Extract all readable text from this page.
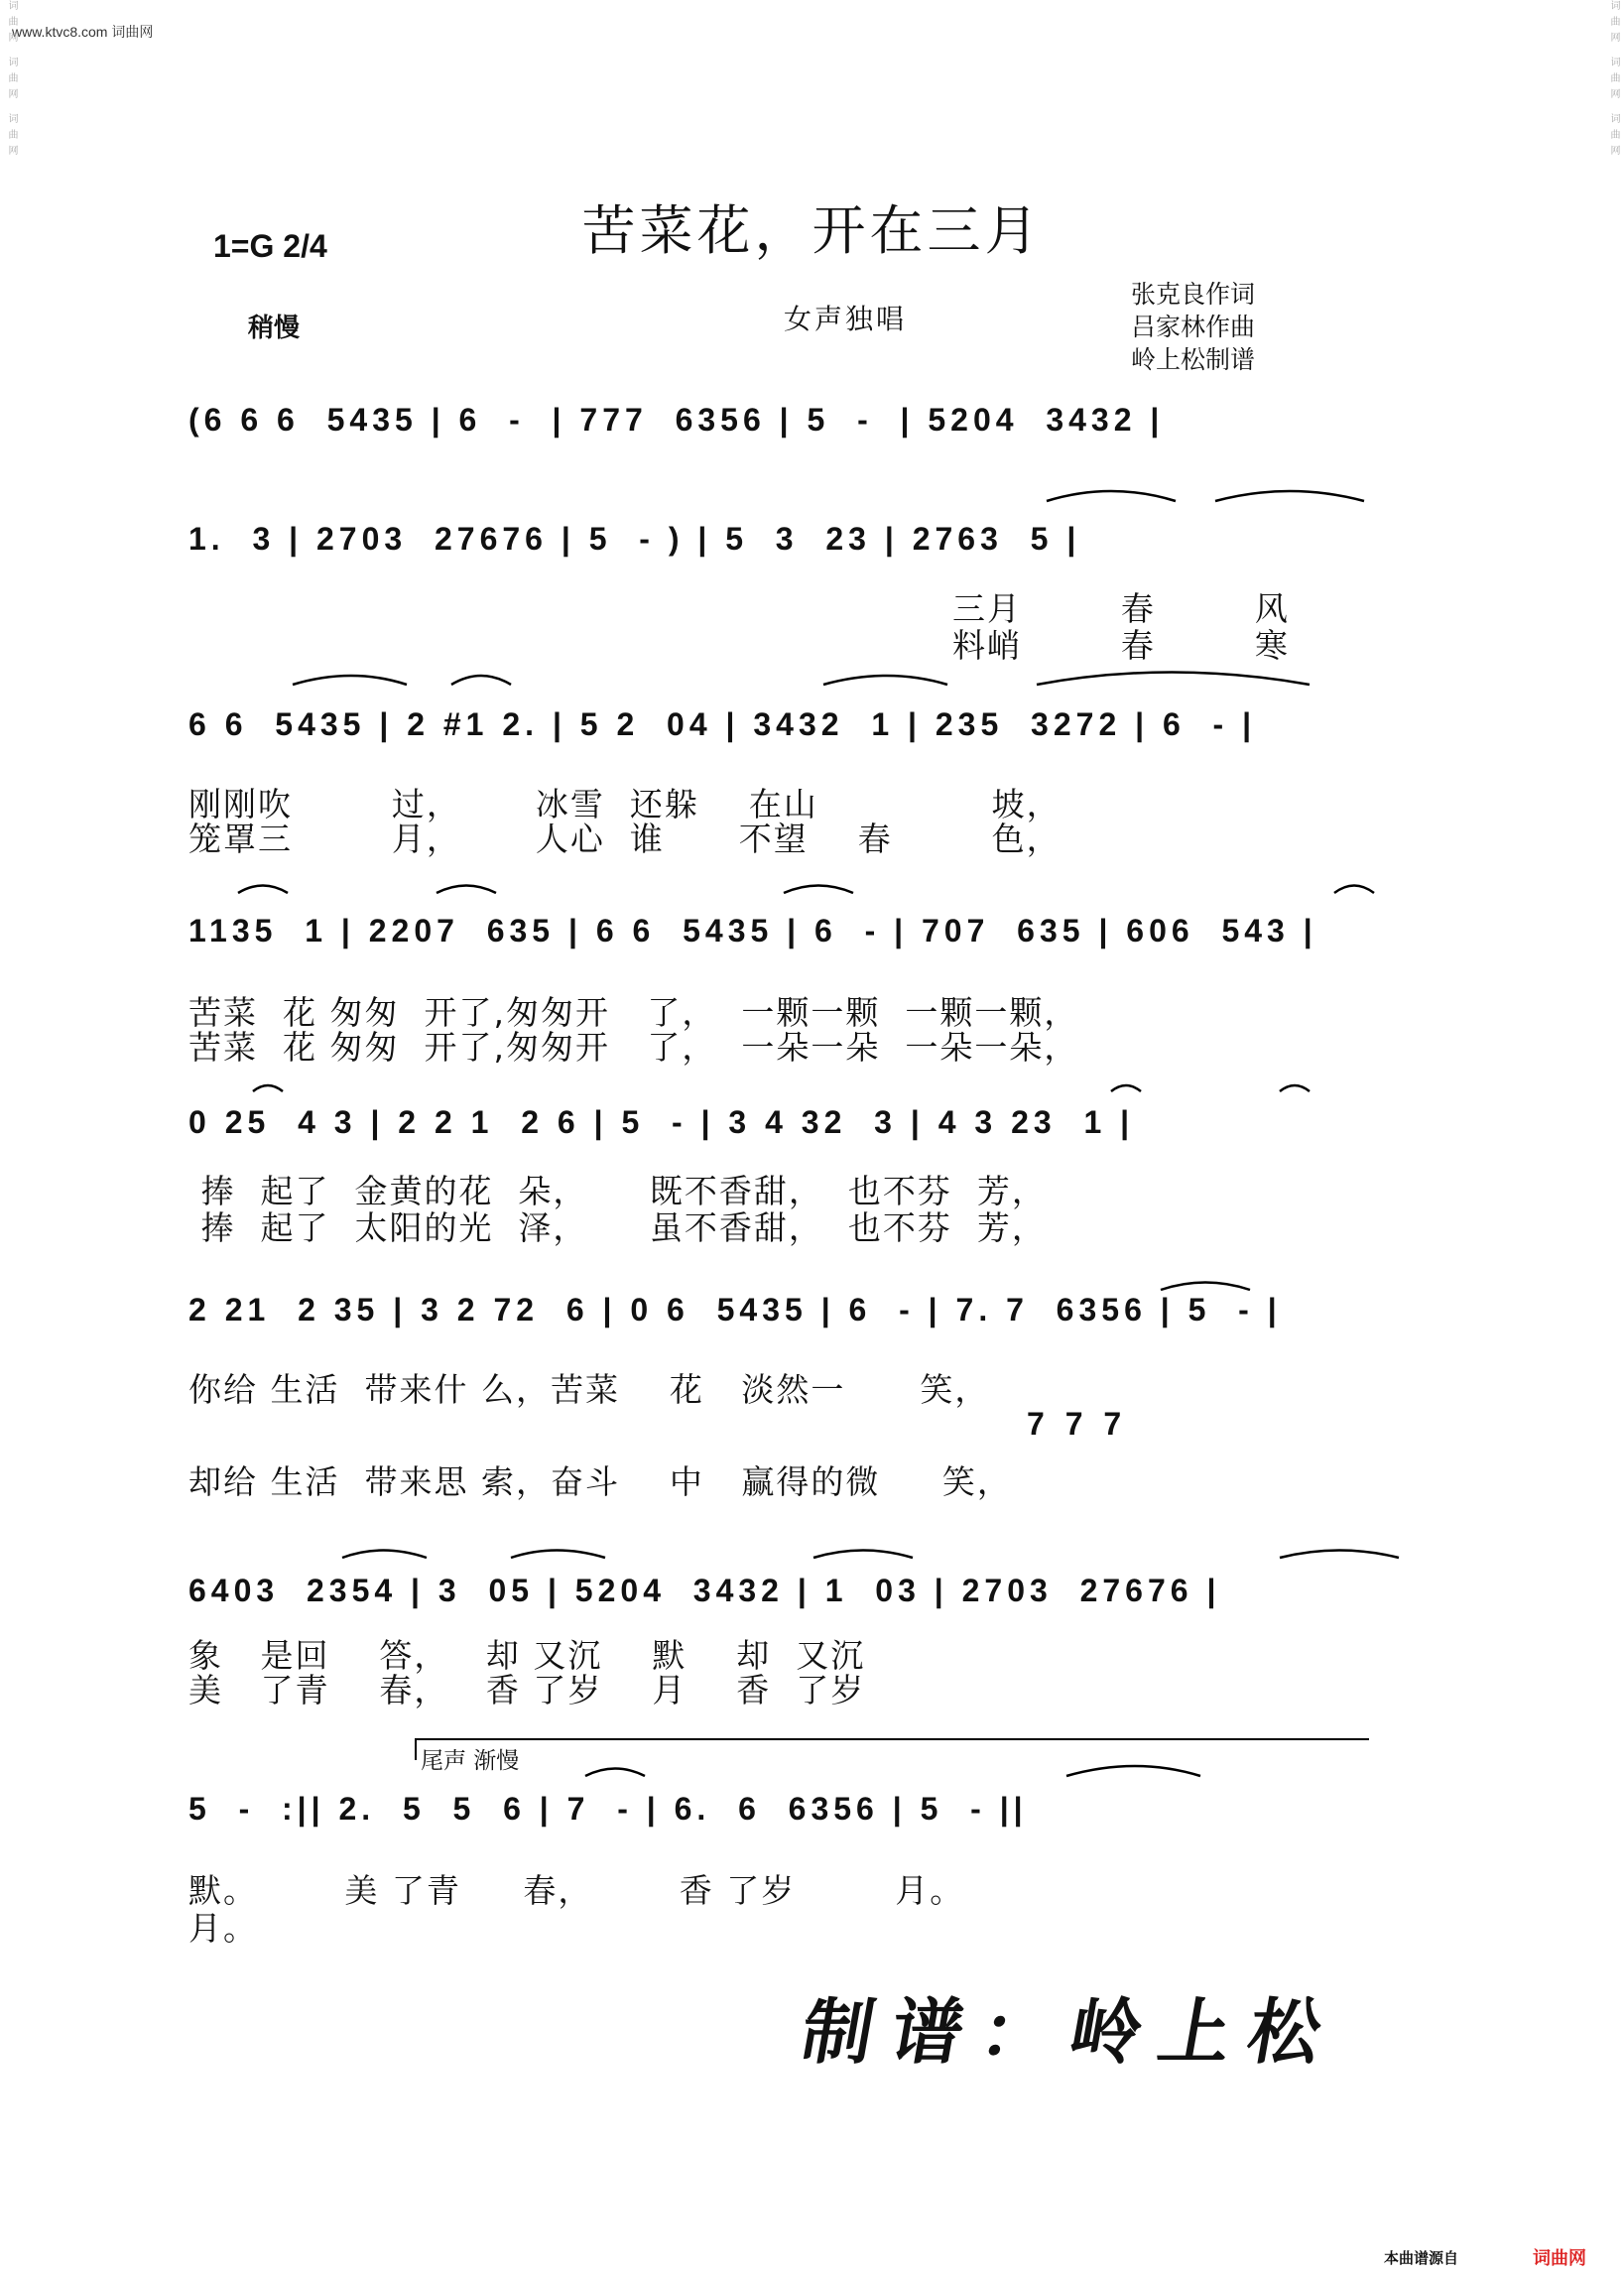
www.ktvc8.com 词曲网
词曲网 词曲网 词曲网
词曲网 词曲网 词曲网
苦菜花，开在三月
1=G 2/4
稍慢	女声独唱
张克良作词
吕家林作曲
岭上松制谱
(6 6 6  5435 | 6  -  | 777  6356 | 5  -  | 5204  3432 |
1.  3 | 2703  27676 | 5  - ) | 5  3  23 | 2763  5 |
三月        春        风
料峭        春        寒
6 6  5435 | 2 #1 2. | 5 2  04 | 3432  1 | 235  3272 | 6  - |
刚刚吹        过，      冰雪  还躲    在山              坡，
笼罩三        月，      人心  谁      不望    春        色，
1135  1 | 2207  635 | 6 6  5435 | 6  - | 707  635 | 606  543 |
苦菜  花 匆匆  开了,匆匆开   了，  一颗一颗  一颗一颗，
苦菜  花 匆匆  开了,匆匆开   了，  一朵一朵  一朵一朵，
0 25  4 3 | 2 2 1  2 6 | 5  - | 3 4 32  3 | 4 3 23  1 |
捧  起了  金黄的花  朵，     既不香甜，  也不芬  芳，
捧  起了  太阳的光  泽，     虽不香甜，  也不芬  芳，
2 21  2 35 | 3 2 72  6 | 0 6  5435 | 6  - | 7. 7  6356 | 5  - |
你给 生活  带来什 么，苦菜    花   淡然一      笑，
7 7 7
却给 生活  带来思 索，奋斗    中   赢得的微     笑，
6403  2354 | 3  05 | 5204  3432 | 1  03 | 2703  27676 |
象   是回    答，   却 又沉    默    却  又沉
美   了青    春，   香 了岁    月    香  了岁
尾声 渐慢
5  -  :|| 2.  5  5  6 | 7  - | 6.  6  6356 | 5  - ||
默。       美 了青     春，       香 了岁        月。
月。
制谱：岭上松
本曲谱源自	词曲网
